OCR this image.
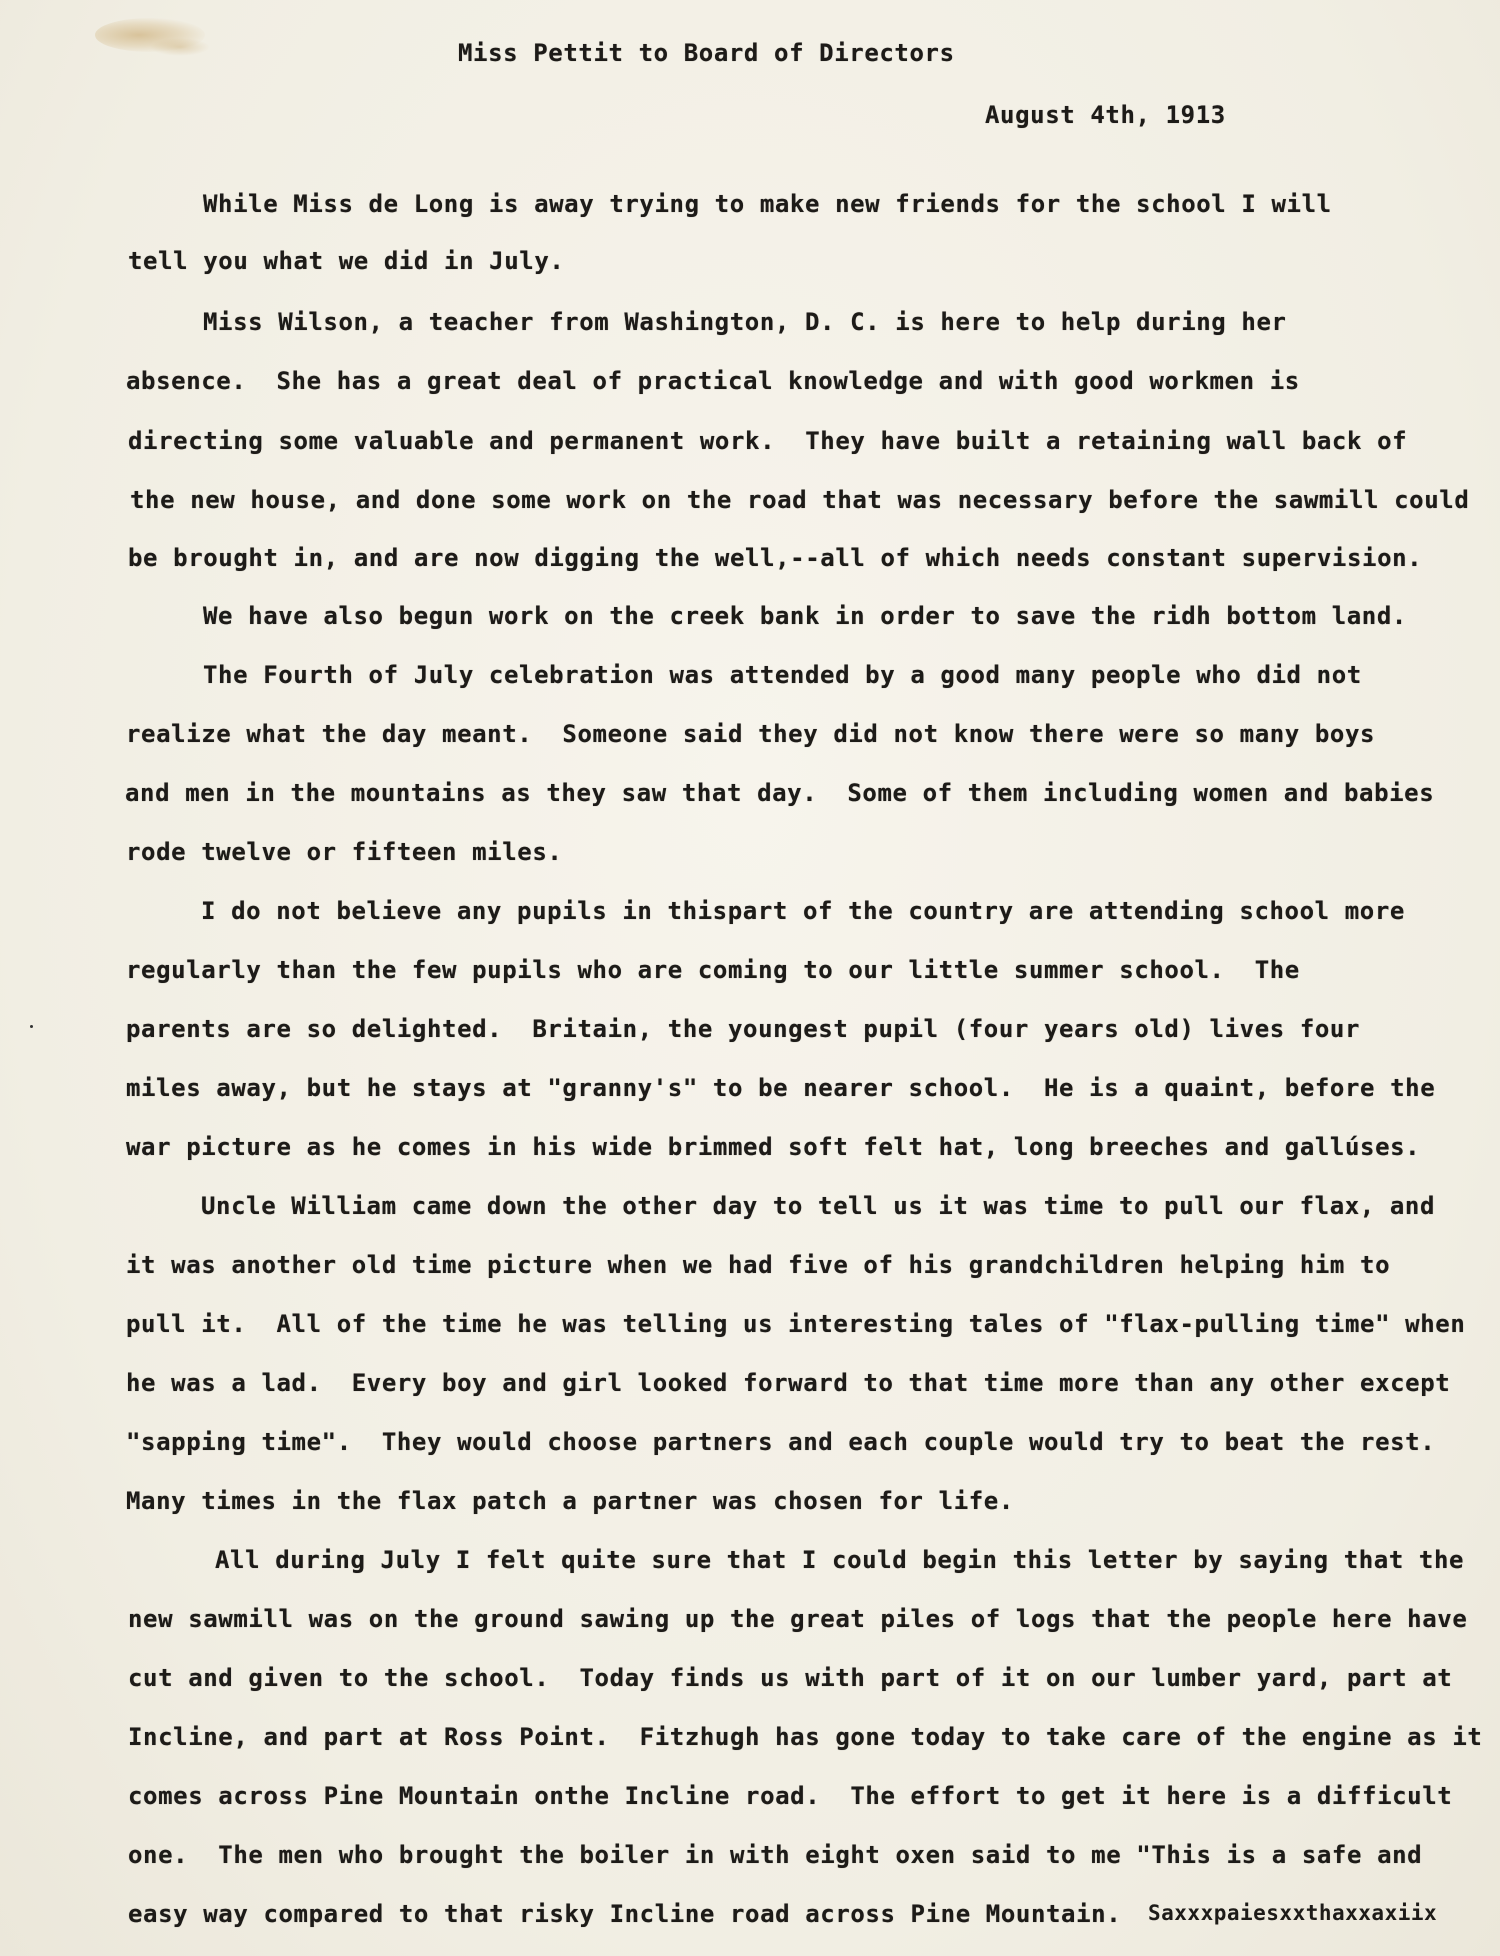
Miss Pettit to Board of Directors
August 4th, 1913
While Miss de Long is away trying to make new friends for the school I will
tell you what we did in July.
Miss Wilson, a teacher from Washington, D. C. is here to help during her
absence.  She has a great deal of practical knowledge and with good workmen is
directing some valuable and permanent work.  They have built a retaining wall back of
the new house, and done some work on the road that was necessary before the sawmill could
be brought in, and are now digging the well,--all of which needs constant supervision.
We have also begun work on the creek bank in order to save the ridh bottom land.
The Fourth of July celebration was attended by a good many people who did not
realize what the day meant.  Someone said they did not know there were so many boys
and men in the mountains as they saw that day.  Some of them including women and babies
rode twelve or fifteen miles.
I do not believe any pupils in thispart of the country are attending school more
regularly than the few pupils who are coming to our little summer school.  The
parents are so delighted.  Britain, the youngest pupil (four years old) lives four
miles away, but he stays at "granny's" to be nearer school.  He is a quaint, before the
war picture as he comes in his wide brimmed soft felt hat, long breeches and gallúses.
Uncle William came down the other day to tell us it was time to pull our flax, and
it was another old time picture when we had five of his grandchildren helping him to
pull it.  All of the time he was telling us interesting tales of "flax-pulling time" when
he was a lad.  Every boy and girl looked forward to that time more than any other except
"sapping time".  They would choose partners and each couple would try to beat the rest.
Many times in the flax patch a partner was chosen for life.
All during July I felt quite sure that I could begin this letter by saying that the
new sawmill was on the ground sawing up the great piles of logs that the people here have
cut and given to the school.  Today finds us with part of it on our lumber yard, part at
Incline, and part at Ross Point.  Fitzhugh has gone today to take care of the engine as it
comes across Pine Mountain onthe Incline road.  The effort to get it here is a difficult
one.  The men who brought the boiler in with eight oxen said to me "This is a safe and
easy way compared to that risky Incline road across Pine Mountain. Saxxxpaiesxxthaxxaxiix
